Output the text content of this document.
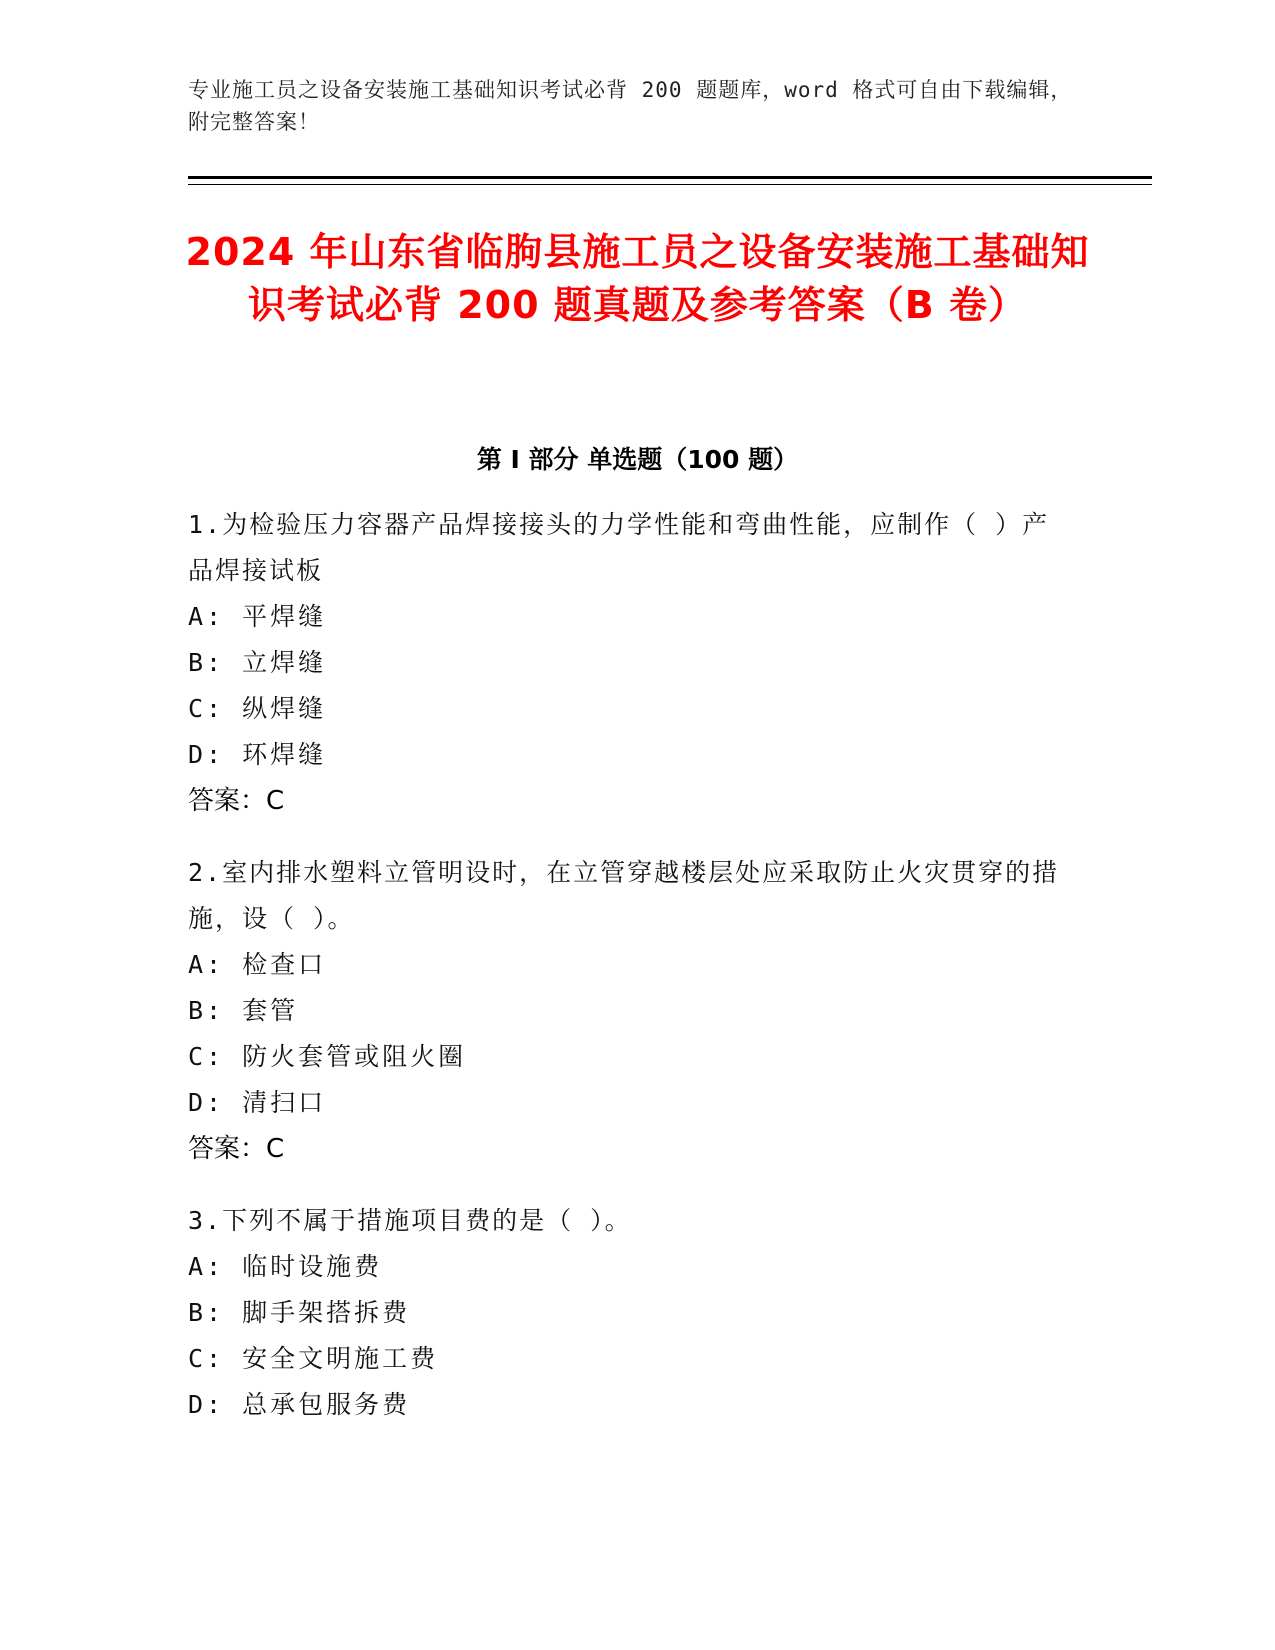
专业施工员之设备安装施工基础知识考试必背 200 题题库，word 格式可自由下载编辑，附完整答案！
2024 年山东省临朐县施工员之设备安装施工基础知识考试必背 200 题真题及参考答案（B 卷）
第 I 部分 单选题（100 题）
1.为检验压力容器产品焊接接头的力学性能和弯曲性能，应制作（ ）产品焊接试板
A: 平焊缝
B: 立焊缝
C: 纵焊缝
D: 环焊缝
答案：C
2.室内排水塑料立管明设时，在立管穿越楼层处应采取防止火灾贯穿的措施，设（ ）。
A: 检查口
B: 套管
C: 防火套管或阻火圈
D: 清扫口
答案：C
3.下列不属于措施项目费的是（ ）。
A: 临时设施费
B: 脚手架搭拆费
C: 安全文明施工费
D: 总承包服务费
